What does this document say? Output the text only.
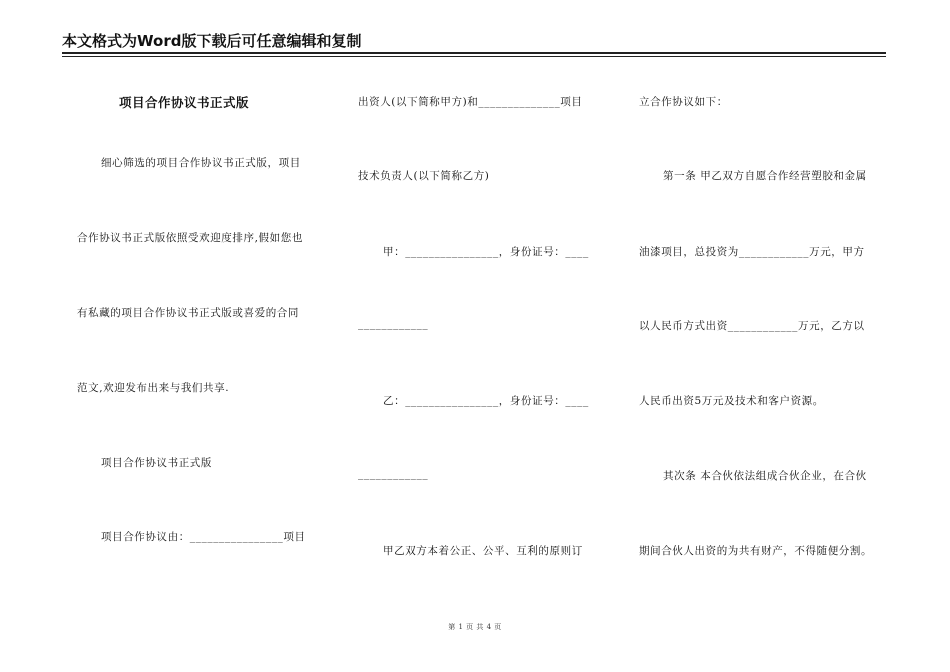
本文格式为Word版下载后可任意编辑和复制
项目合作协议书正式版
细心筛选的项目合作协议书正式版，项目
合作协议书正式版依照受欢迎度排序,假如您也
有私藏的项目合作协议书正式版或喜爱的合同
范文,欢迎发布出来与我们共享.
项目合作协议书正式版
项目合作协议由：________________项目
出资人(以下简称甲方)和______________项目
技术负责人(以下简称乙方)
甲：________________，身份证号：____
____________
乙：________________，身份证号：____
____________
甲乙双方本着公正、公平、互利的原则订
立合作协议如下：
第一条 甲乙双方自愿合作经营塑胶和金属
油漆项目，总投资为____________万元，甲方
以人民币方式出资____________万元，乙方以
人民币出资5万元及技术和客户资源。
其次条 本合伙依法组成合伙企业，在合伙
期间合伙人出资的为共有财产，不得随便分割。
第 1 页 共 4 页
